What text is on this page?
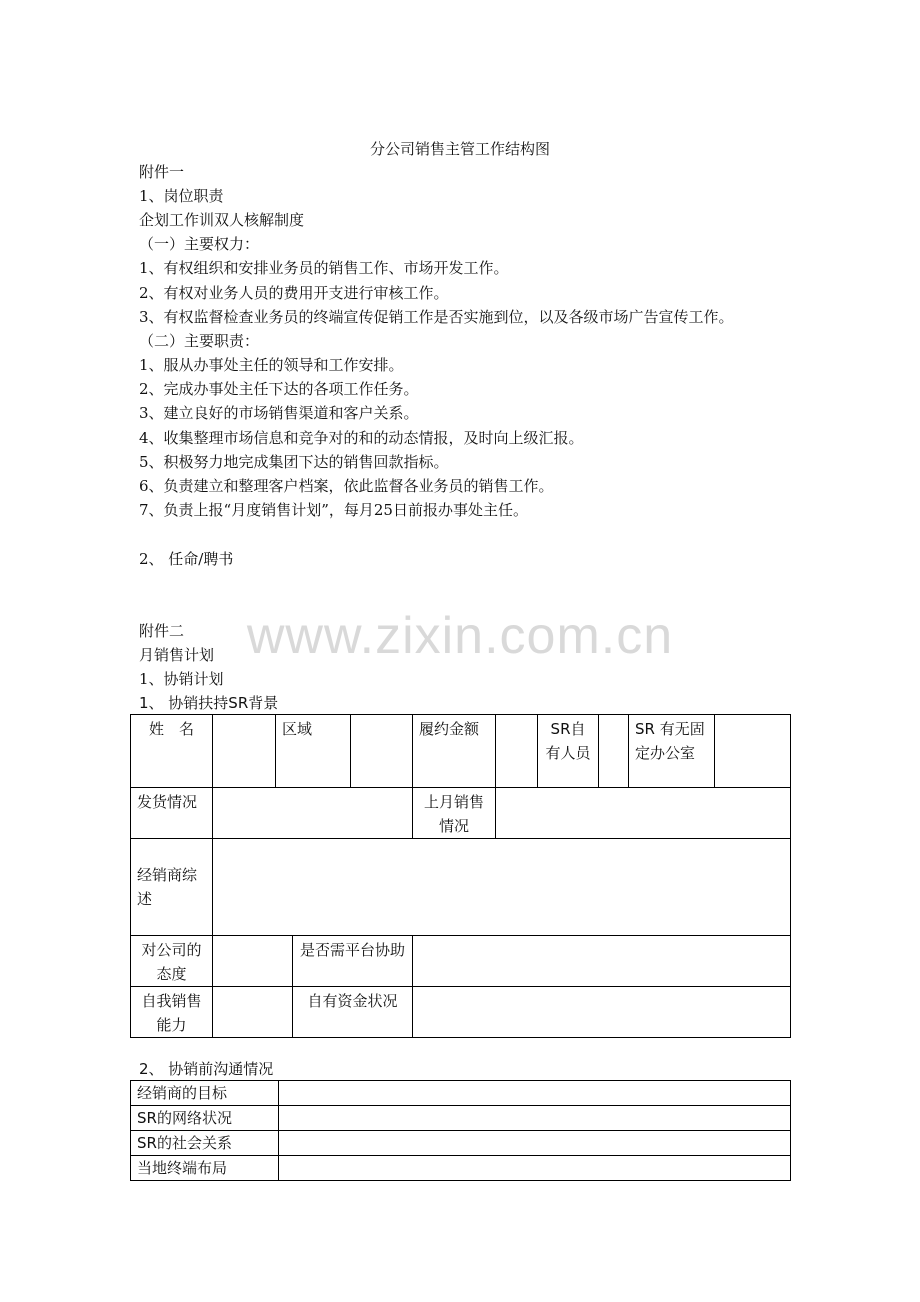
分公司销售主管工作结构图
附件一
1、岗位职责
企划工作训双人核解制度
（一）主要权力：
1、有权组织和安排业务员的销售工作、市场开发工作。
2、有权对业务人员的费用开支进行审核工作。
3、有权监督检查业务员的终端宣传促销工作是否实施到位，以及各级市场广告宣传工作。
（二）主要职责：
1、服从办事处主任的领导和工作安排。
2、完成办事处主任下达的各项工作任务。
3、建立良好的市场销售渠道和客户关系。
4、收集整理市场信息和竞争对的和的动态情报，及时向上级汇报。
5、积极努力地完成集团下达的销售回款指标。
6、负责建立和整理客户档案，依此监督各业务员的销售工作。
7、负责上报“月度销售计划”，每月25日前报办事处主任。
2、 任命/聘书
www.zixin.com.cn
附件二
月销售计划
1、协销计划
1、 协销扶持SR背景
姓　名		区域			履约金额		SR自有人员		SR 有无固定办公室	
发货情况					上月销售情况					
经销商综述										
对公司的态度			是否需平台协助							
自我销售能力			自有资金状况							
2、 协销前沟通情况
经销商的目标	
SR的网络状况	
SR的社会关系	
当地终端布局	
